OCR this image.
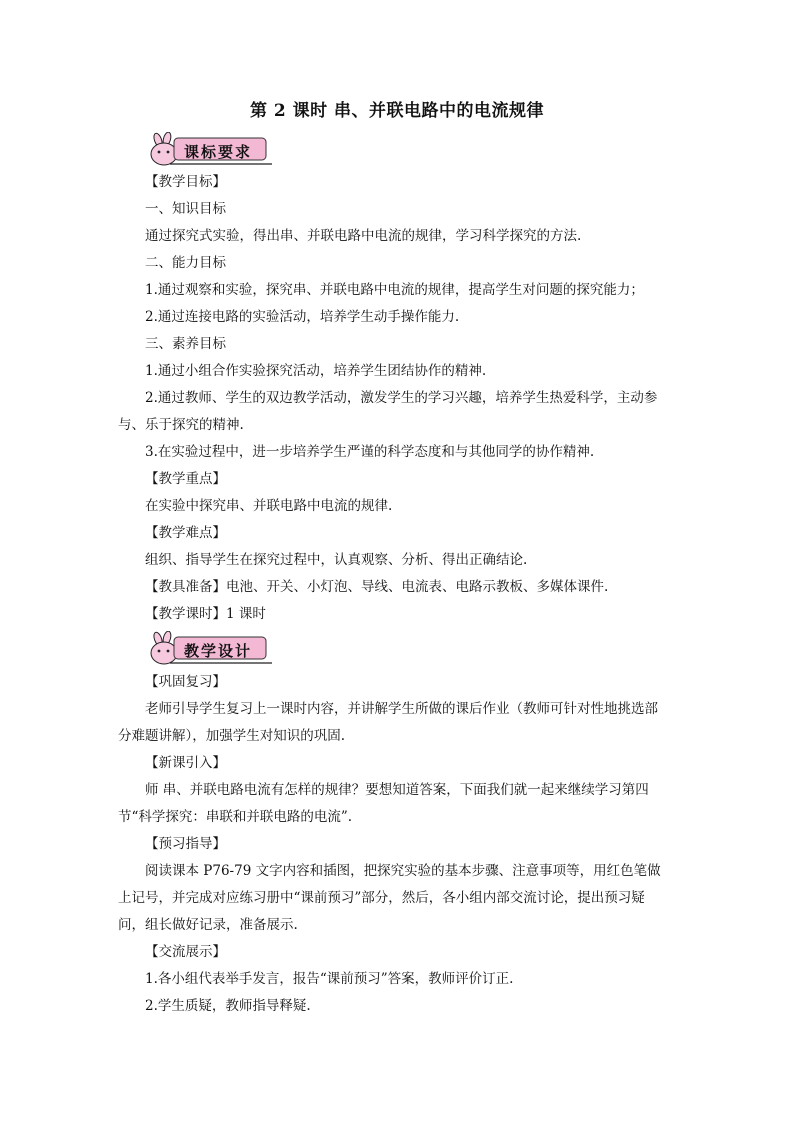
第 2 课时 串、并联电路中的电流规律
课标要求
【教学目标】
一、知识目标
通过探究式实验，得出串、并联电路中电流的规律，学习科学探究的方法.
二、能力目标
1.通过观察和实验，探究串、并联电路中电流的规律，提高学生对问题的探究能力；
2.通过连接电路的实验活动，培养学生动手操作能力.
三、素养目标
1.通过小组合作实验探究活动，培养学生团结协作的精神.
2.通过教师、学生的双边教学活动，激发学生的学习兴趣，培养学生热爱科学，主动参
与、乐于探究的精神.
3.在实验过程中，进一步培养学生严谨的科学态度和与其他同学的协作精神.
【教学重点】
在实验中探究串、并联电路中电流的规律.
【教学难点】
组织、指导学生在探究过程中，认真观察、分析、得出正确结论.
【教具准备】电池、开关、小灯泡、导线、电流表、电路示教板、多媒体课件.
【教学课时】1 课时
教学设计
【巩固复习】
老师引导学生复习上一课时内容，并讲解学生所做的课后作业（教师可针对性地挑选部
分难题讲解），加强学生对知识的巩固.
【新课引入】
师 串、并联电路电流有怎样的规律？要想知道答案，下面我们就一起来继续学习第四
节“科学探究：串联和并联电路的电流”.
【预习指导】
阅读课本 P76-79 文字内容和插图，把探究实验的基本步骤、注意事项等，用红色笔做
上记号，并完成对应练习册中“课前预习”部分，然后，各小组内部交流讨论，提出预习疑
问，组长做好记录，准备展示.
【交流展示】
1.各小组代表举手发言，报告“课前预习”答案，教师评价订正.
2.学生质疑，教师指导释疑.
